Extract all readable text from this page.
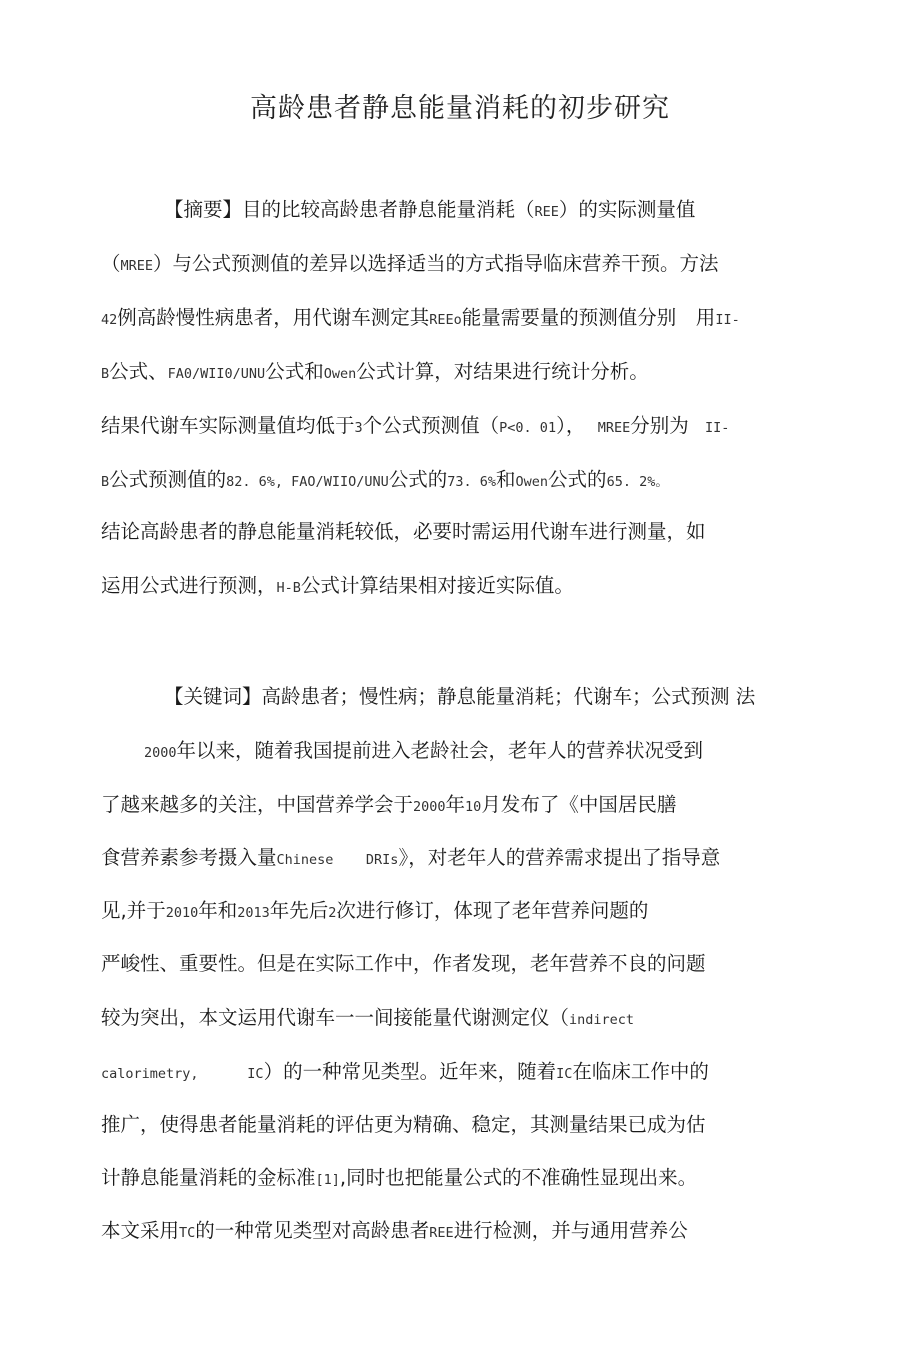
高龄患者静息能量消耗的初步研究
【摘要】目的比较高龄患者静息能量消耗（REE）的实际测量值
（MREE）与公式预测值的差异以选择适当的方式指导临床营养干预。方法
42例高龄慢性病患者，用代谢车测定其REEo能量需要量的预测值分别　用II-
B公式、FA0/WII0/UNU公式和Owen公式计算，对结果进行统计分析。
结果代谢车实际测量值均低于3个公式预测值（P<0. 01）， MREE分别为 II-
B公式预测值的82. 6%, FAO/WIIO/UNU公式的73. 6%和Owen公式的65. 2%。
结论高龄患者的静息能量消耗较低，必要时需运用代谢车进行测量，如
运用公式进行预测，H-B公式计算结果相对接近实际值。
【关键词】高龄患者；慢性病；静息能量消耗；代谢车；公式预测 法
2000年以来，随着我国提前进入老龄社会，老年人的营养状况受到
了越来越多的关注，中国营养学会于2000年10月发布了《中国居民膳
食营养素参考摄入量Chinese    DRIs》，对老年人的营养需求提出了指导意
见,并于2010年和2013年先后2次进行修订，体现了老年营养问题的
严峻性、重要性。但是在实际工作中，作者发现，老年营养不良的问题
较为突出，本文运用代谢车一一间接能量代谢测定仪（indirect
calorimetry,      IC）的一种常见类型。近年来，随着IC在临床工作中的
推广，使得患者能量消耗的评估更为精确、稳定，其测量结果已成为估
计静息能量消耗的金标准[1],同时也把能量公式的不准确性显现出来。
本文采用TC的一种常见类型对高龄患者REE进行检测，并与通用营养公
